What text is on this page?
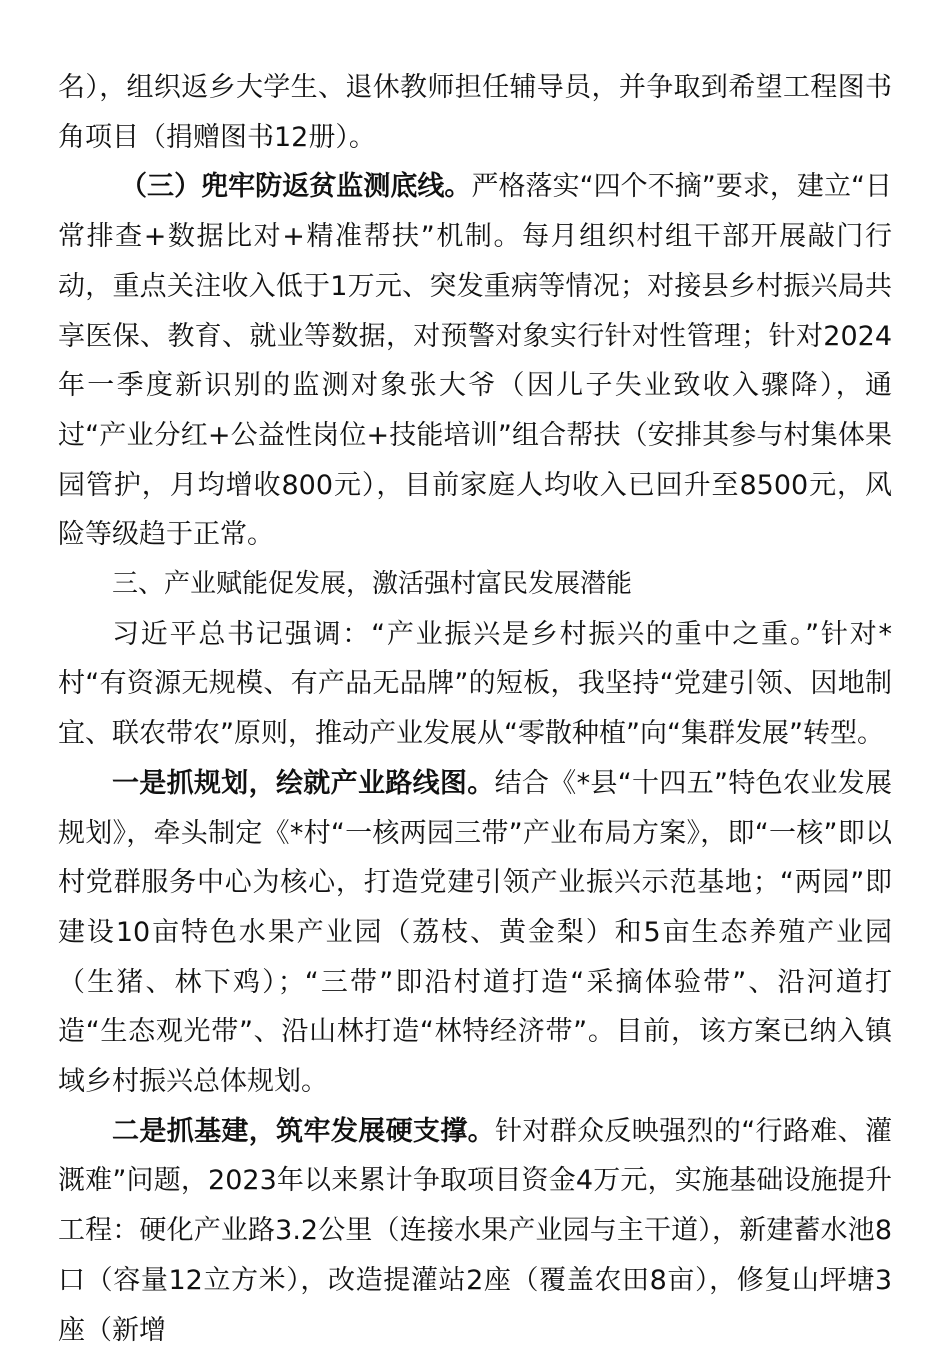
名），组织返乡大学生、退休教师担任辅导员，并争取到希望工程图书角项目（捐赠图书12册）。

（三）兜牢防返贫监测底线。严格落实“四个不摘”要求，建立“日常排查+数据比对+精准帮扶”机制。每月组织村组干部开展敲门行动，重点关注收入低于1万元、突发重病等情况；对接县乡村振兴局共享医保、教育、就业等数据，对预警对象实行针对性管理；针对2024年一季度新识别的监测对象张大爷（因儿子失业致收入骤降），通过“产业分红+公益性岗位+技能培训”组合帮扶（安排其参与村集体果园管护，月均增收800元），目前家庭人均收入已回升至8500元，风险等级趋于正常。

三、产业赋能促发展，激活强村富民发展潜能

习近平总书记强调：“产业振兴是乡村振兴的重中之重。”针对*村“有资源无规模、有产品无品牌”的短板，我坚持“党建引领、因地制宜、联农带农”原则，推动产业发展从“零散种植”向“集群发展”转型。

一是抓规划，绘就产业路线图。结合《*县“十四五”特色农业发展规划》，牵头制定《*村“一核两园三带”产业布局方案》，即“一核”即以村党群服务中心为核心，打造党建引领产业振兴示范基地；“两园”即建设10亩特色水果产业园（荔枝、黄金梨）和5亩生态养殖产业园（生猪、林下鸡）；“三带”即沿村道打造“采摘体验带”、沿河道打造“生态观光带”、沿山林打造“林特经济带”。目前，该方案已纳入镇域乡村振兴总体规划。

二是抓基建，筑牢发展硬支撑。针对群众反映强烈的“行路难、灌溉难”问题，2023年以来累计争取项目资金4万元，实施基础设施提升工程：硬化产业路3.2公里（连接水果产业园与主干道），新建蓄水池8口（容量12立方米），改造提灌站2座（覆盖农田8亩），修复山坪塘3座（新增
